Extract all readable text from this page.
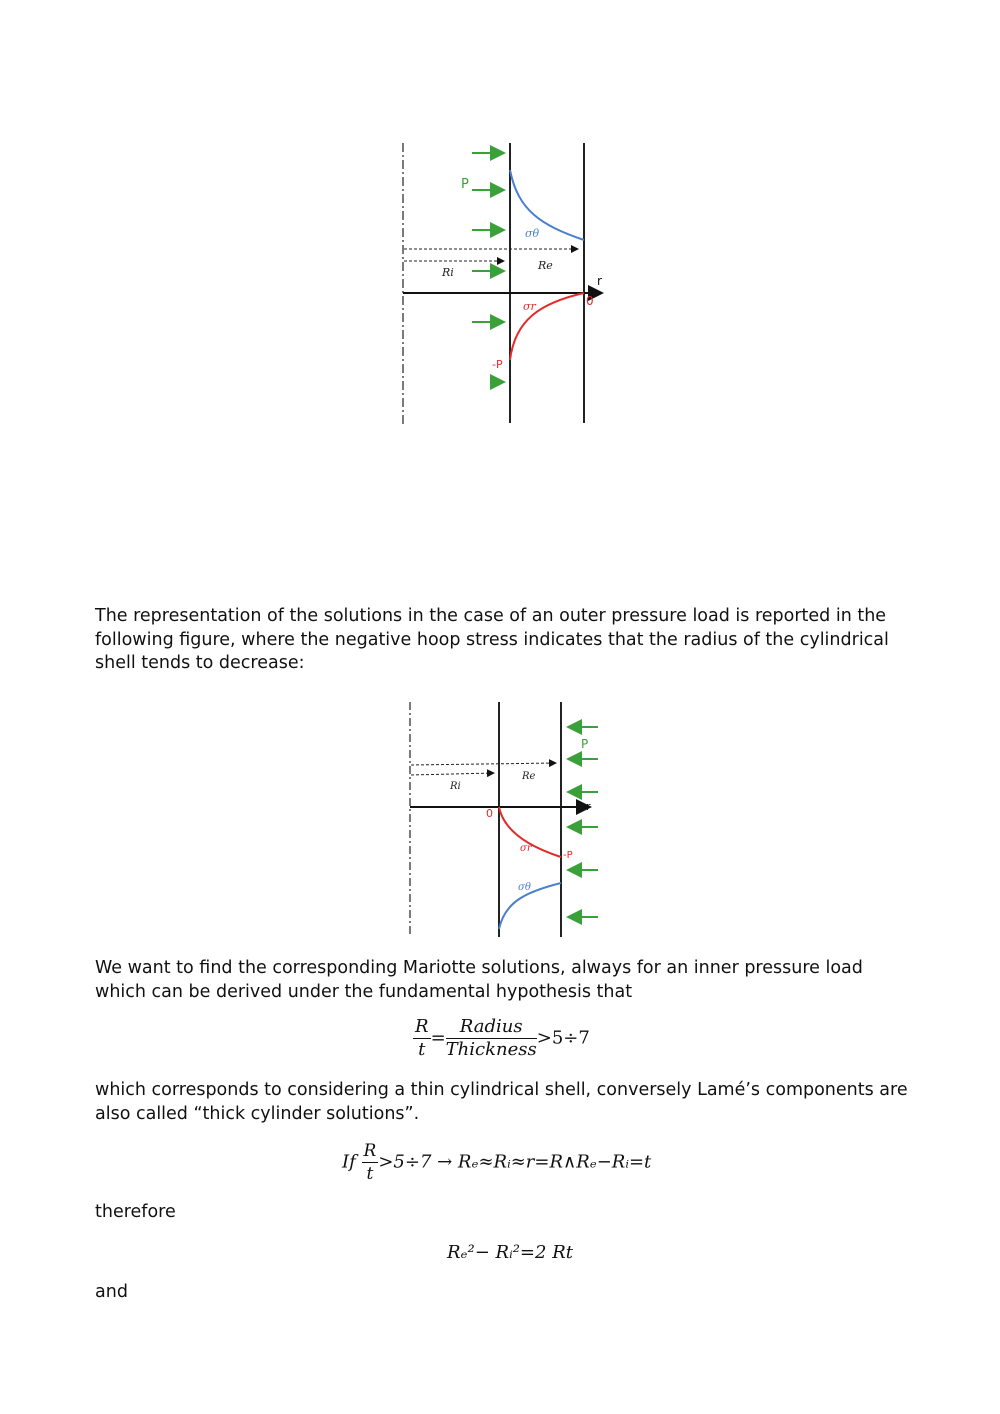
P
σθ
Ri
Re
r
0
σr
-P

The representation of the solutions in the case of an outer pressure load is reported in the following figure, where the negative hoop stress indicates that the radius of the cylindrical shell tends to decrease:

P
Ri
Re
r
0
σr
-P
σθ

We want to find the corresponding Mariotte solutions, always for an inner pressure load which can be derived under the fundamental hypothesis that

$\frac{R}{t} = \frac{\text{Radius}}{\text{Thickness}} >5\div 7$

which corresponds to considering a thin cylindrical shell, conversely Lamé’s components are also called “thick cylinder solutions”.

If $\frac{R}{t} >5\div 7$ → Rₑ≈Rᵢ≈r=R∧Rₑ−Rᵢ=t

therefore

Rₑ²− Rᵢ²=2 Rt

and
